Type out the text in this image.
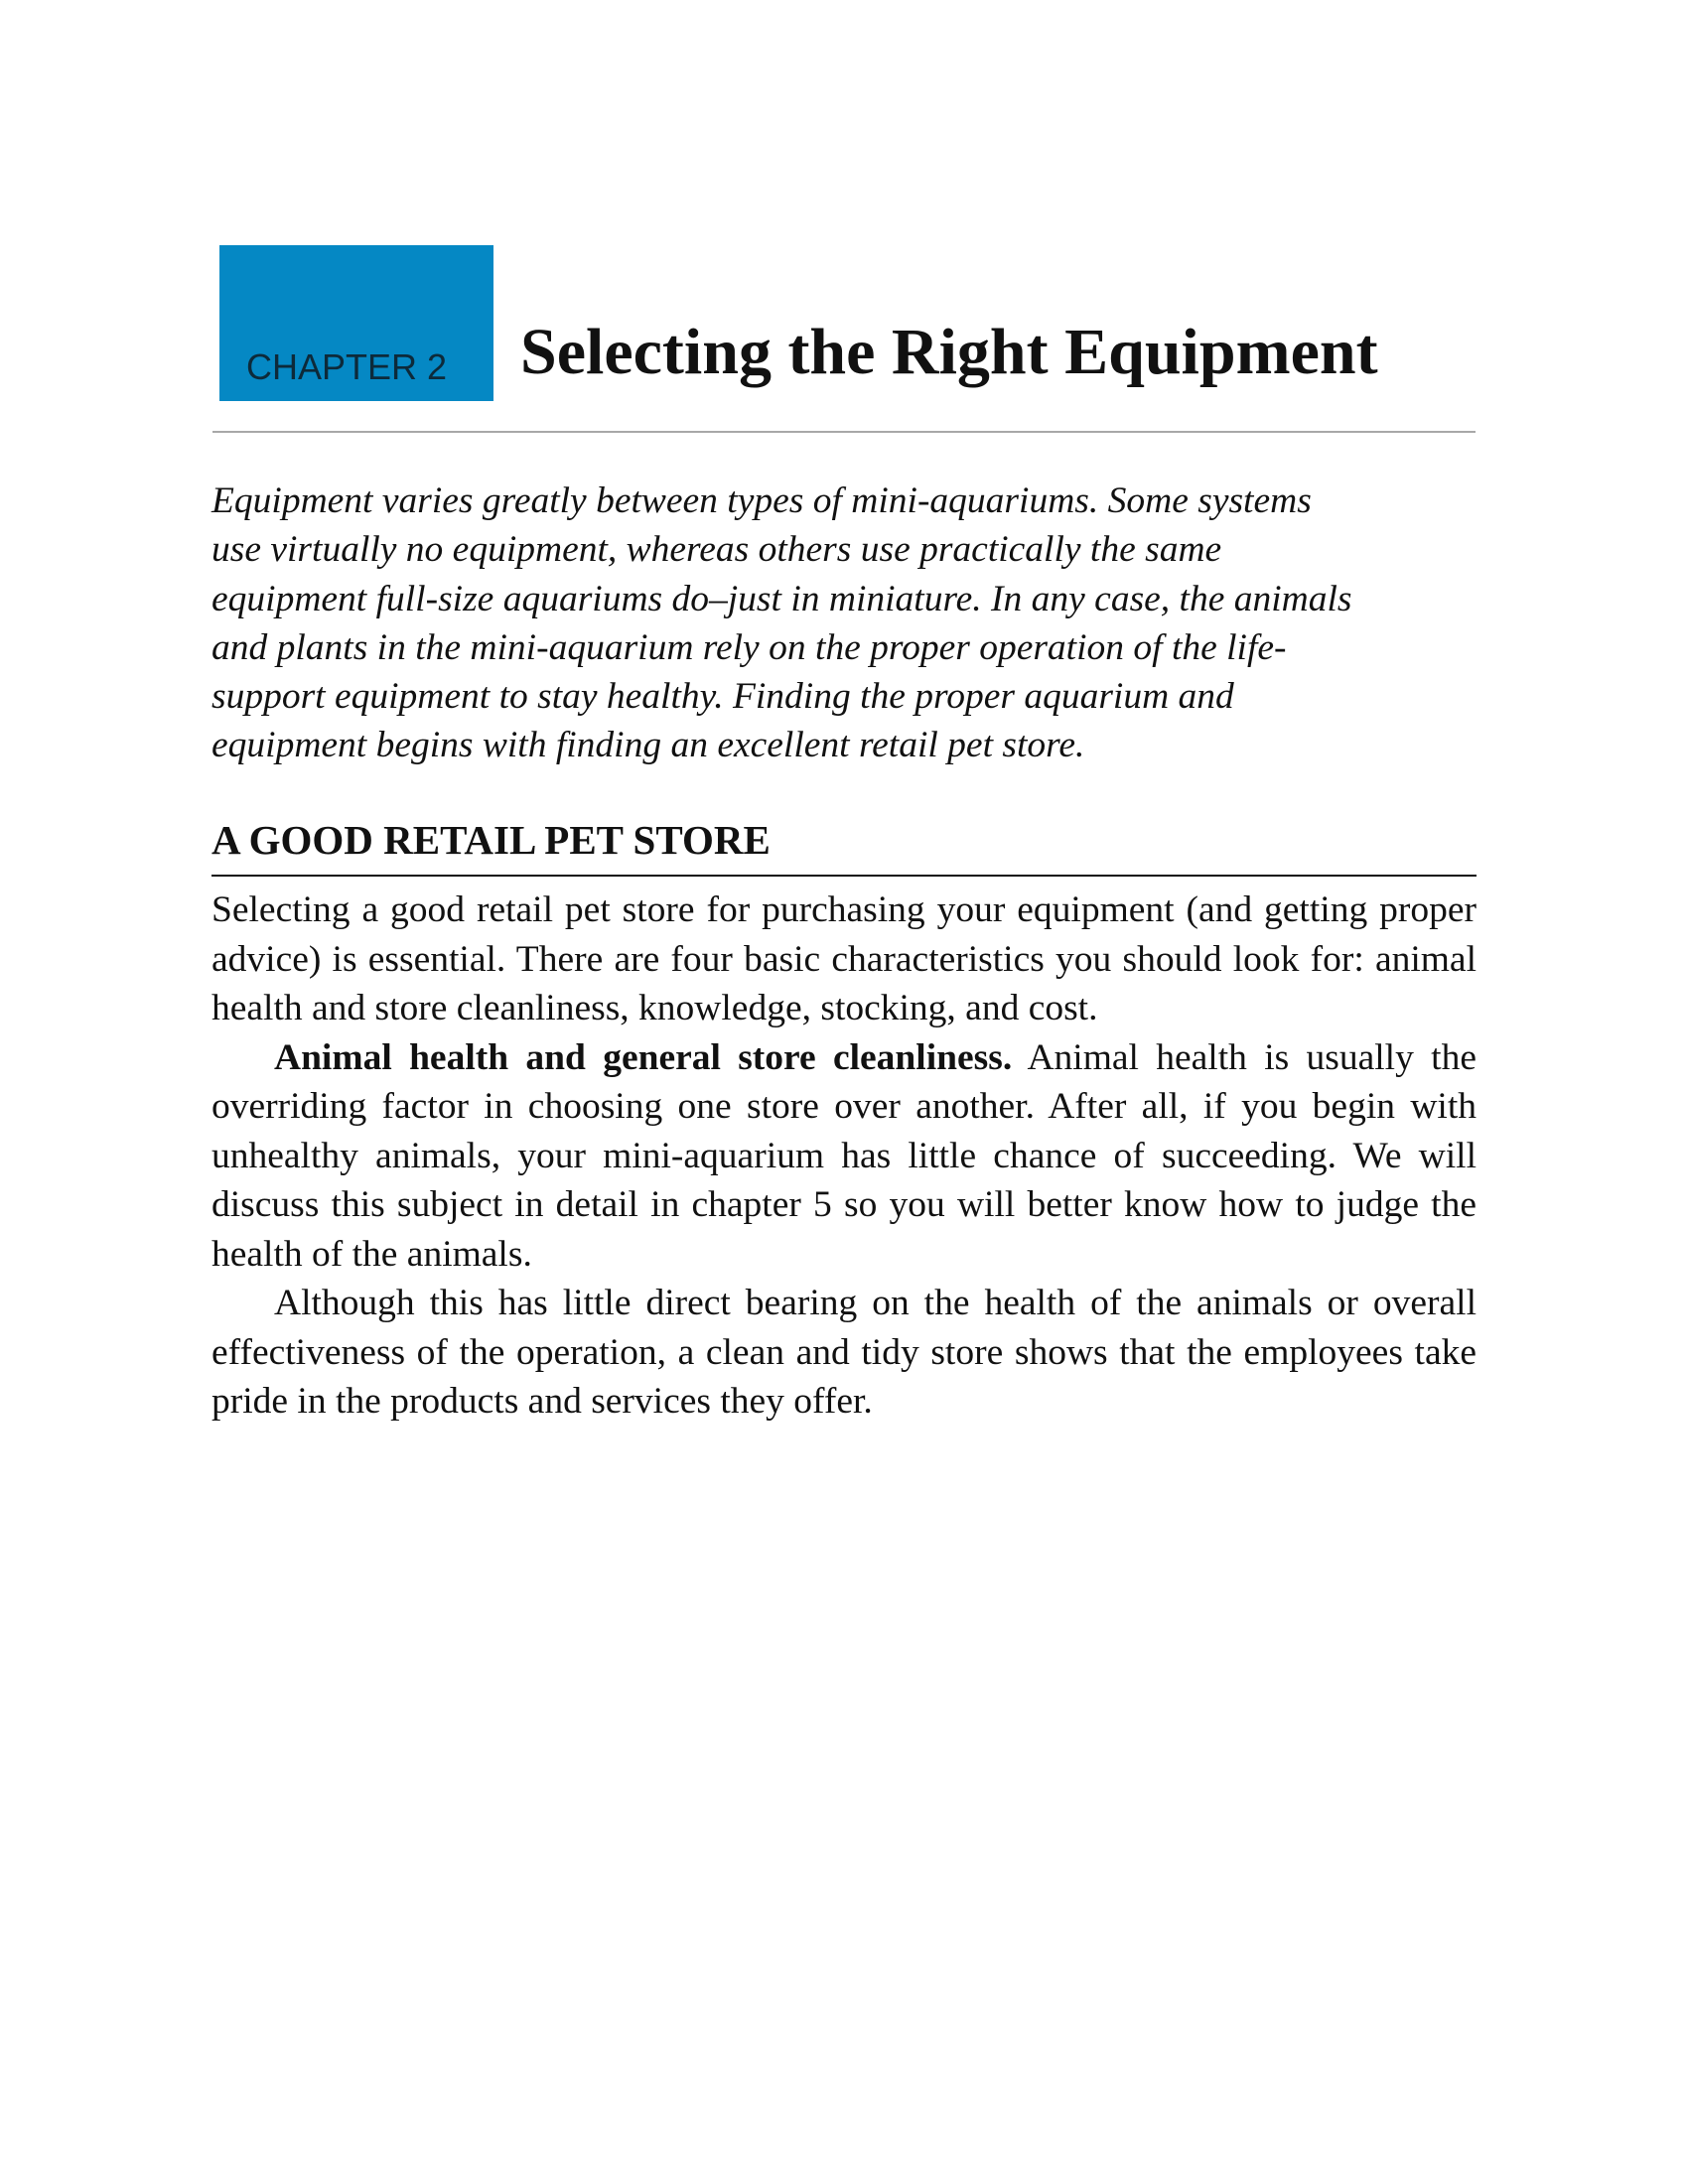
CHAPTER 2 Selecting the Right Equipment
Equipment varies greatly between types of mini-aquariums. Some systems
use virtually no equipment, whereas others use practically the same
equipment full-size aquariums do–just in miniature. In any case, the animals
and plants in the mini-aquarium rely on the proper operation of the life-
support equipment to stay healthy. Finding the proper aquarium and
equipment begins with finding an excellent retail pet store.
A GOOD RETAIL PET STORE

Selecting a good retail pet store for purchasing your equipment (and getting proper advice) is essential. There are four basic characteristics you should look for: animal health and store cleanliness, knowledge, stocking, and cost.

Animal health and general store cleanliness. Animal health is usually the overriding factor in choosing one store over another. After all, if you begin with unhealthy animals, your mini-aquarium has little chance of succeeding. We will discuss this subject in detail in chapter 5 so you will better know how to judge the health of the animals.

Although this has little direct bearing on the health of the animals or overall effectiveness of the operation, a clean and tidy store shows that the employees take pride in the products and services they offer.
